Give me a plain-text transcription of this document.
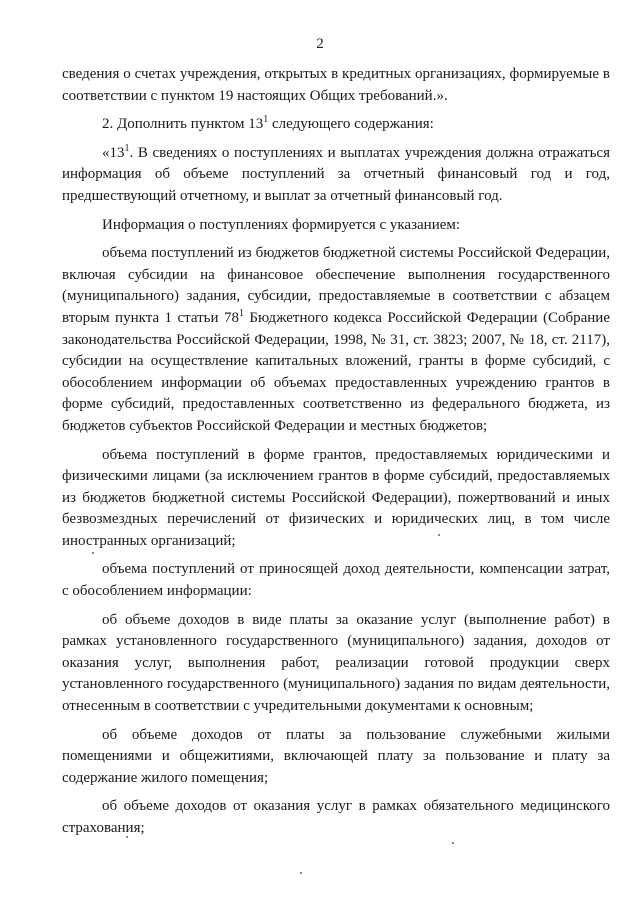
2

сведения о счетах учреждения, открытых в кредитных организациях, формируемые в соответствии с пунктом 19 настоящих Общих требований.».

2. Дополнить пунктом $13^1$ следующего содержания:

«$13^1$. В сведениях о поступлениях и выплатах учреждения должна отражаться информация об объеме поступлений за отчетный финансовый год и год, предшествующий отчетному, и выплат за отчетный финансовый год.

Информация о поступлениях формируется с указанием:

объема поступлений из бюджетов бюджетной системы Российской Федерации, включая субсидии на финансовое обеспечение выполнения государственного (муниципального) задания, субсидии, предоставляемые в соответствии с абзацем вторым пункта 1 статьи $78^1$ Бюджетного кодекса Российской Федерации (Собрание законодательства Российской Федерации, 1998, № 31, ст. 3823; 2007, № 18, ст. 2117), субсидии на осуществление капитальных вложений, гранты в форме субсидий, с обособлением информации об объемах предоставленных учреждению грантов в форме субсидий, предоставленных соответственно из федерального бюджета, из бюджетов субъектов Российской Федерации и местных бюджетов;

объема поступлений в форме грантов, предоставляемых юридическими и физическими лицами (за исключением грантов в форме субсидий, предоставляемых из бюджетов бюджетной системы Российской Федерации), пожертвований и иных безвозмездных перечислений от физических и юридических лиц, в том числе иностранных организаций;

объема поступлений от приносящей доход деятельности, компенсации затрат, с обособлением информации:

об объеме доходов в виде платы за оказание услуг (выполнение работ) в рамках установленного государственного (муниципального) задания, доходов от оказания услуг, выполнения работ, реализации готовой продукции сверх установленного государственного (муниципального) задания по видам деятельности, отнесенным в соответствии с учредительными документами к основным;

об объеме доходов от платы за пользование служебными жилыми помещениями и общежитиями, включающей плату за пользование и плату за содержание жилого помещения;

об объеме доходов от оказания услуг в рамках обязательного медицинского страхования;
